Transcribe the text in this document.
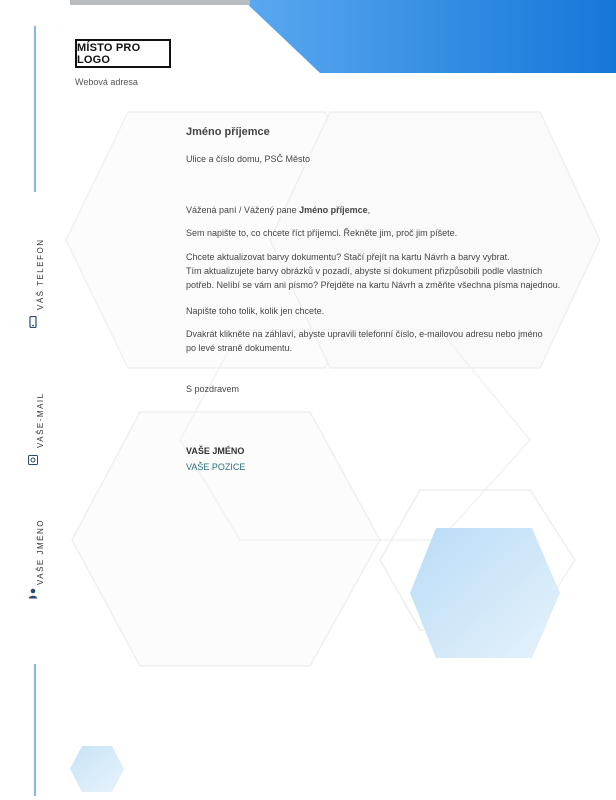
MÍSTO PRO LOGO
Webová adresa
VÁŠ TELEFON
VAŠE-MAIL
VAŠE JMÉNO
Jméno příjemce
Ulice a číslo domu, PSČ Město
Vážená paní / Vážený pane Jméno příjemce,
Sem napište to, co chcete říct příjemci. Řekněte jim, proč jim píšete.
Chcete aktualizovat barvy dokumentu? Stačí přejít na kartu Návrh a barvy vybrat.
Tím aktualizujete barvy obrázků v pozadí, abyste si dokument přizpůsobili podle vlastních
potřeb. Nelíbí se vám ani písmo? Přejděte na kartu Návrh a změňte všechna písma najednou.
Napište toho tolik, kolik jen chcete.
Dvakrát klikněte na záhlaví, abyste upravili telefonní číslo, e-mailovou adresu nebo jméno
po levé straně dokumentu.
S pozdravem
VAŠE JMÉNO
VAŠE POZICE
